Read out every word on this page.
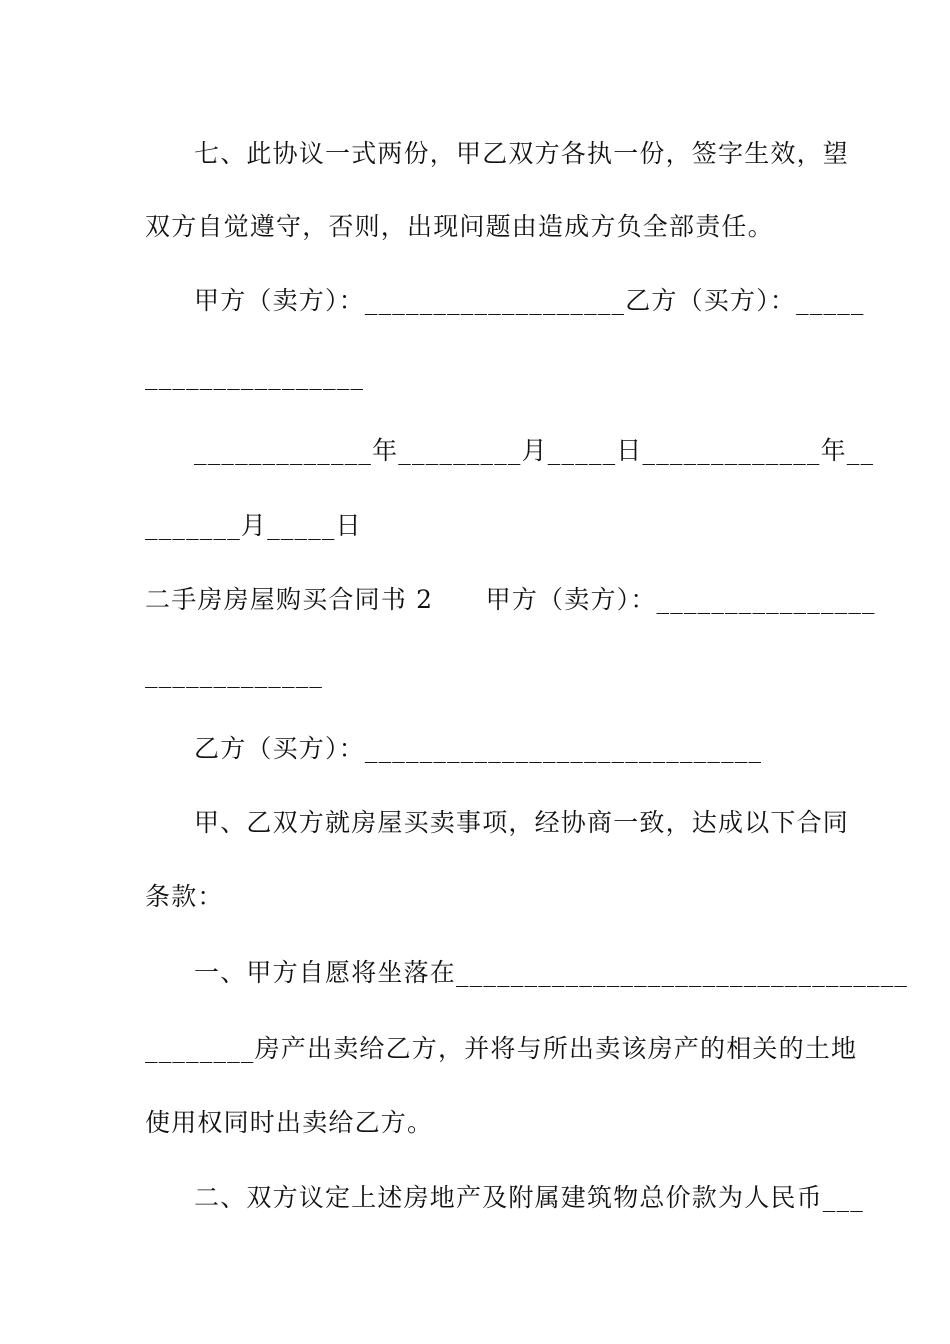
七、此协议一式两份，甲乙双方各执一份，签字生效，望
双方自觉遵守，否则，出现问题由造成方负全部责任。
甲方（卖方）：___________________乙方（买方）：_____
________________
_____________年_________月_____日_____________年__
_______月_____日
二手房房屋购买合同书 2　　甲方（卖方）：________________
_____________
乙方（买方）：_____________________________
甲、乙双方就房屋买卖事项，经协商一致，达成以下合同
条款：
一、甲方自愿将坐落在_________________________________
________房产出卖给乙方，并将与所出卖该房产的相关的土地
使用权同时出卖给乙方。
二、双方议定上述房地产及附属建筑物总价款为人民币___
